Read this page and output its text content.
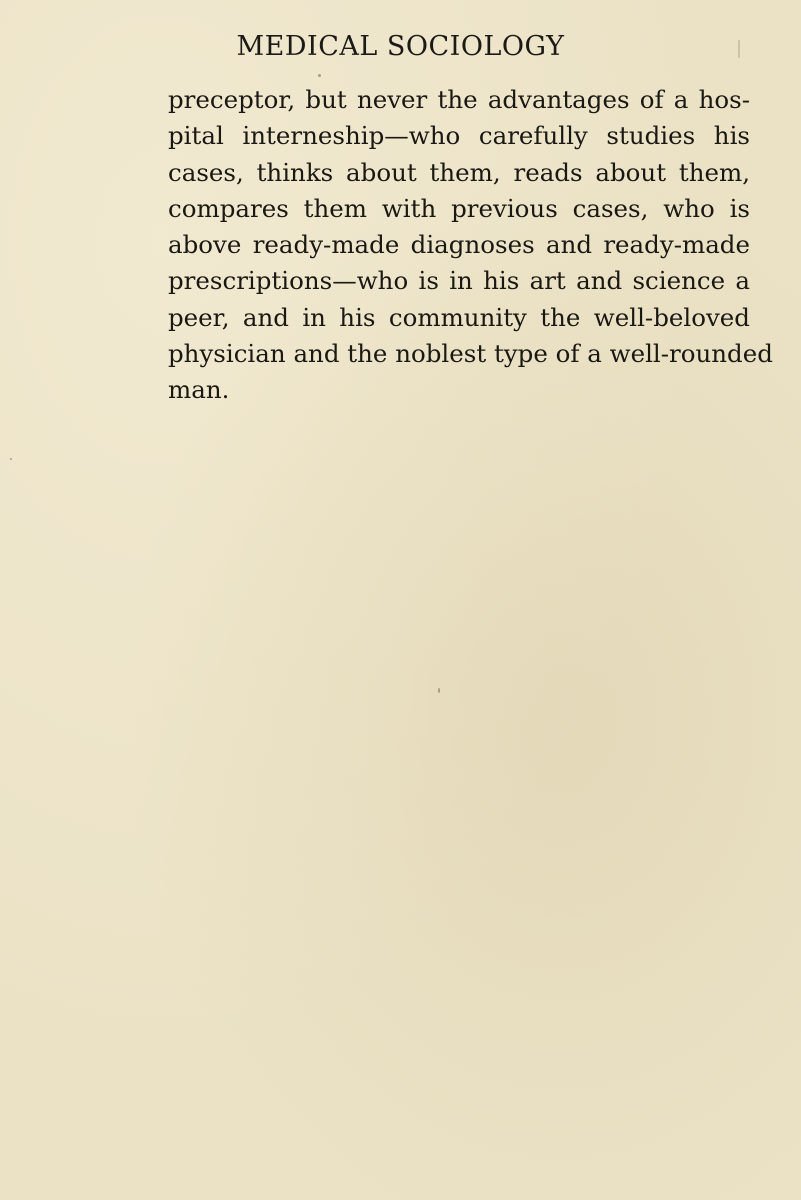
MEDICAL SOCIOLOGY
preceptor, but never the advantages of a hos-
pital interneship—who carefully studies his
cases, thinks about them, reads about them,
compares them with previous cases, who is
above ready-made diagnoses and ready-made
prescriptions—who is in his art and science a
peer, and in his community the well-beloved
physician and the noblest type of a well-rounded
man.
